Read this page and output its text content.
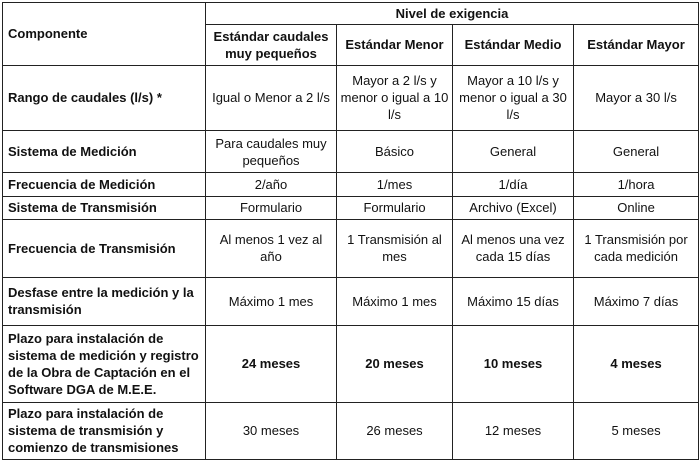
Componente	Nivel de exigencia			
	Estándar caudales muy pequeños	Estándar Menor	Estándar Medio	Estándar Mayor
Rango de caudales (l/s) *	Igual o Menor a 2 l/s	Mayor a 2 l/s y menor o igual a 10 l/s	Mayor a 10 l/s y menor o igual a 30 l/s	Mayor a 30 l/s
Sistema de Medición	Para caudales muy pequeños	Básico	General	General
Frecuencia de Medición	2/año	1/mes	1/día	1/hora
Sistema de Transmisión	Formulario	Formulario	Archivo (Excel)	Online
Frecuencia de Transmisión	Al menos 1 vez al año	1 Transmisión al mes	Al menos una vez cada 15 días	1 Transmisión por cada medición
Desfase entre la medición y la transmisión	Máximo 1 mes	Máximo 1 mes	Máximo 15 días	Máximo 7 días
Plazo para instalación de sistema de medición y registro de la Obra de Captación en el Software DGA de M.E.E.	24 meses	20 meses	10 meses	4 meses
Plazo para instalación de sistema de transmisión y comienzo de transmisiones	30 meses	26 meses	12 meses	5 meses
